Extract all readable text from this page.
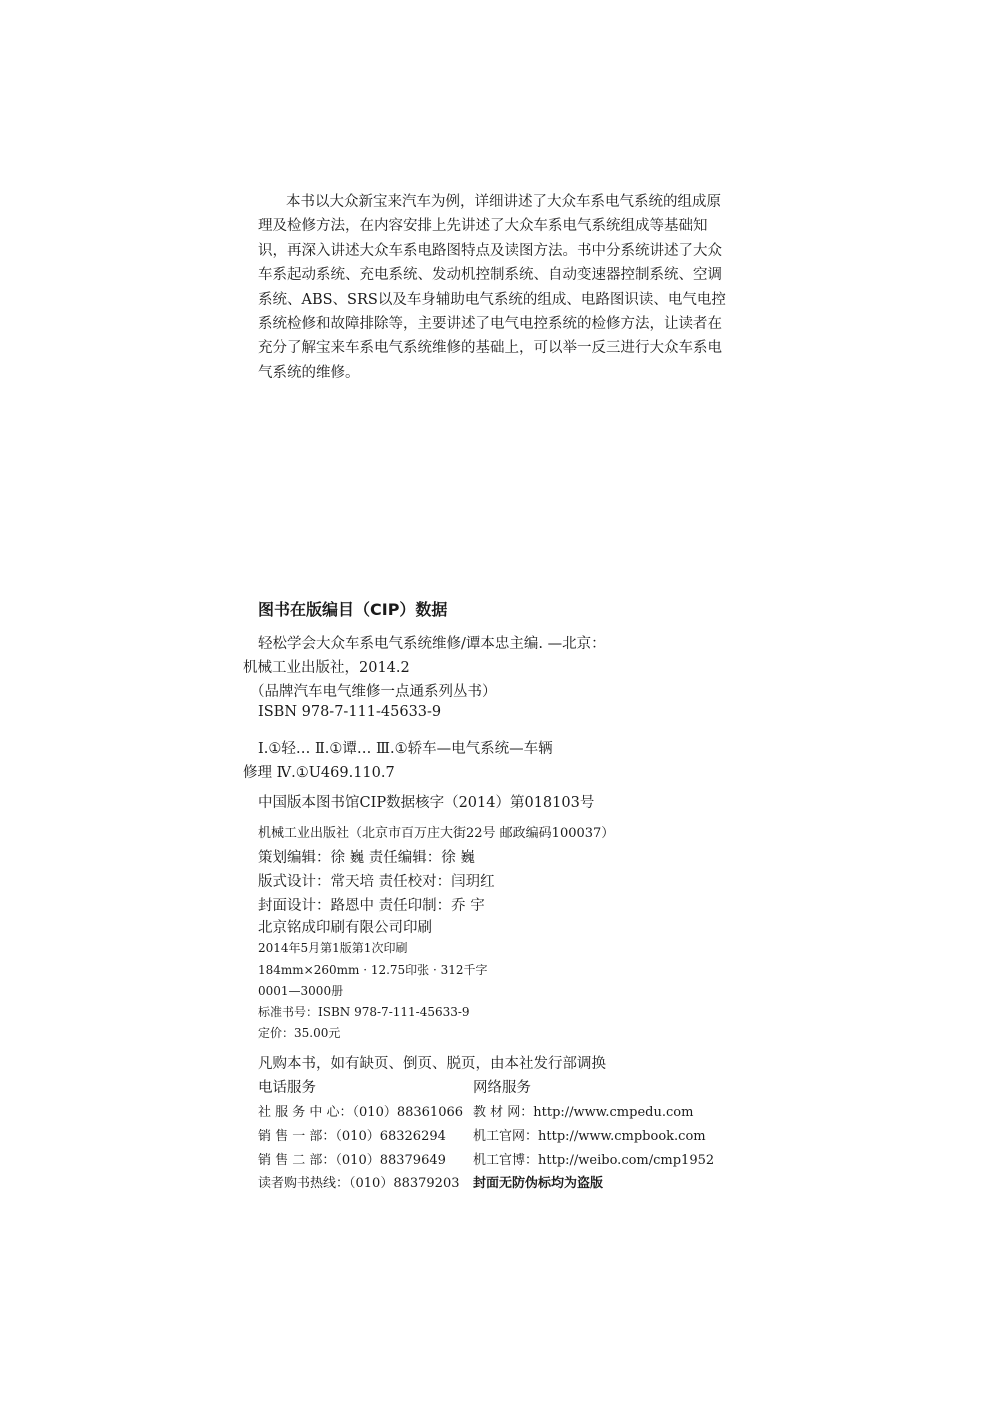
本书以大众新宝来汽车为例，详细讲述了大众车系电气系统的组成原
理及检修方法，在内容安排上先讲述了大众车系电气系统组成等基础知
识，再深入讲述大众车系电路图特点及读图方法。书中分系统讲述了大众
车系起动系统、充电系统、发动机控制系统、自动变速器控制系统、空调
系统、ABS、SRS以及车身辅助电气系统的组成、电路图识读、电气电控
系统检修和故障排除等，主要讲述了电气电控系统的检修方法，让读者在
充分了解宝来车系电气系统维修的基础上，可以举一反三进行大众车系电
气系统的维修。
图书在版编目（CIP）数据
轻松学会大众车系电气系统维修/谭本忠主编. —北京：
机械工业出版社，2014.2
（品牌汽车电气维修一点通系列丛书）
ISBN 978-7-111-45633-9
Ⅰ.①轻… Ⅱ.①谭… Ⅲ.①轿车—电气系统—车辆
修理 Ⅳ.①U469.110.7
中国版本图书馆CIP数据核字（2014）第018103号
机械工业出版社（北京市百万庄大街22号 邮政编码100037）
策划编辑：徐 巍 责任编辑：徐 巍
版式设计：常天培 责任校对：闫玥红
封面设计：路恩中 责任印制：乔 宇
北京铭成印刷有限公司印刷
2014年5月第1版第1次印刷
184mm×260mm · 12.75印张 · 312千字
0001—3000册
标准书号：ISBN 978-7-111-45633-9
定价：35.00元
凡购本书，如有缺页、倒页、脱页，由本社发行部调换
电话服务	网络服务
社 服 务 中 心：（010）88361066 教 材 网：http://www.cmpedu.com
销 售 一 部：（010）68326294 机工官网：http://www.cmpbook.com
销 售 二 部：（010）88379649 机工官博：http://weibo.com/cmp1952
读者购书热线：（010）88379203 封面无防伪标均为盗版
